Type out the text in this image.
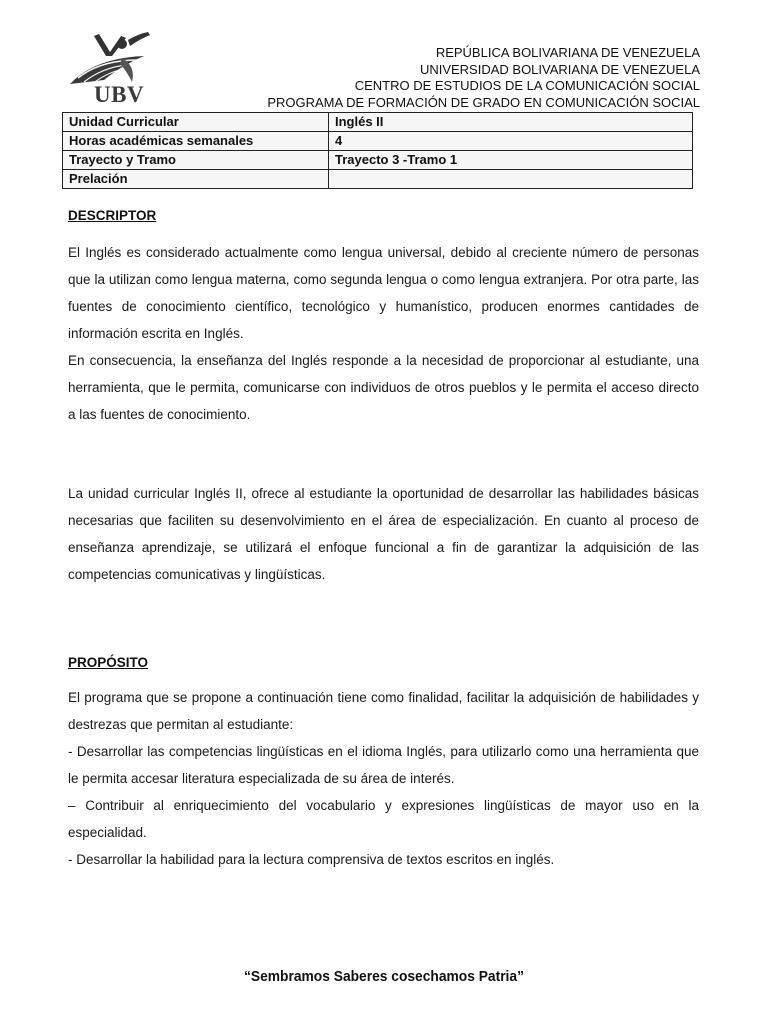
UBV
REPÚBLICA BOLIVARIANA DE VENEZUELA
UNIVERSIDAD BOLIVARIANA DE VENEZUELA
CENTRO DE ESTUDIOS DE LA COMUNICACIÓN SOCIAL
PROGRAMA DE FORMACIÓN DE GRADO EN COMUNICACIÓN SOCIAL
Unidad Curricular	Inglés II
Horas académicas semanales	4
Trayecto y Tramo	Trayecto 3 -Tramo 1
Prelación	
DESCRIPTOR

El Inglés es considerado actualmente como lengua universal, debido al creciente número de personas que la utilizan como lengua materna, como segunda lengua o como lengua extranjera. Por otra parte, las fuentes de conocimiento científico, tecnológico y humanístico, producen enormes cantidades de información escrita en Inglés.

En consecuencia, la enseñanza del Inglés responde a la necesidad de proporcionar al estudiante, una herramienta, que le permita, comunicarse con individuos de otros pueblos y le permita el acceso directo a las fuentes de conocimiento.

La unidad curricular Inglés II, ofrece al estudiante la oportunidad de desarrollar las habilidades básicas necesarias que faciliten su desenvolvimiento en el área de especialización. En cuanto al proceso de enseñanza aprendizaje, se utilizará el enfoque funcional a fin de garantizar la adquisición de las competencias comunicativas y lingüísticas.

PROPÓSITO

El programa que se propone a continuación tiene como finalidad, facilitar la adquisición de habilidades y destrezas que permitan al estudiante:

- Desarrollar las competencias lingüísticas en el idioma Inglés, para utilizarlo como una herramienta que le permita accesar literatura especializada de su área de interés.

– Contribuir al enriquecimiento del vocabulario y expresiones lingüísticas de mayor uso en la especialidad.

- Desarrollar la habilidad para la lectura comprensiva de textos escritos en inglés.

“Sembramos Saberes cosechamos Patria”
